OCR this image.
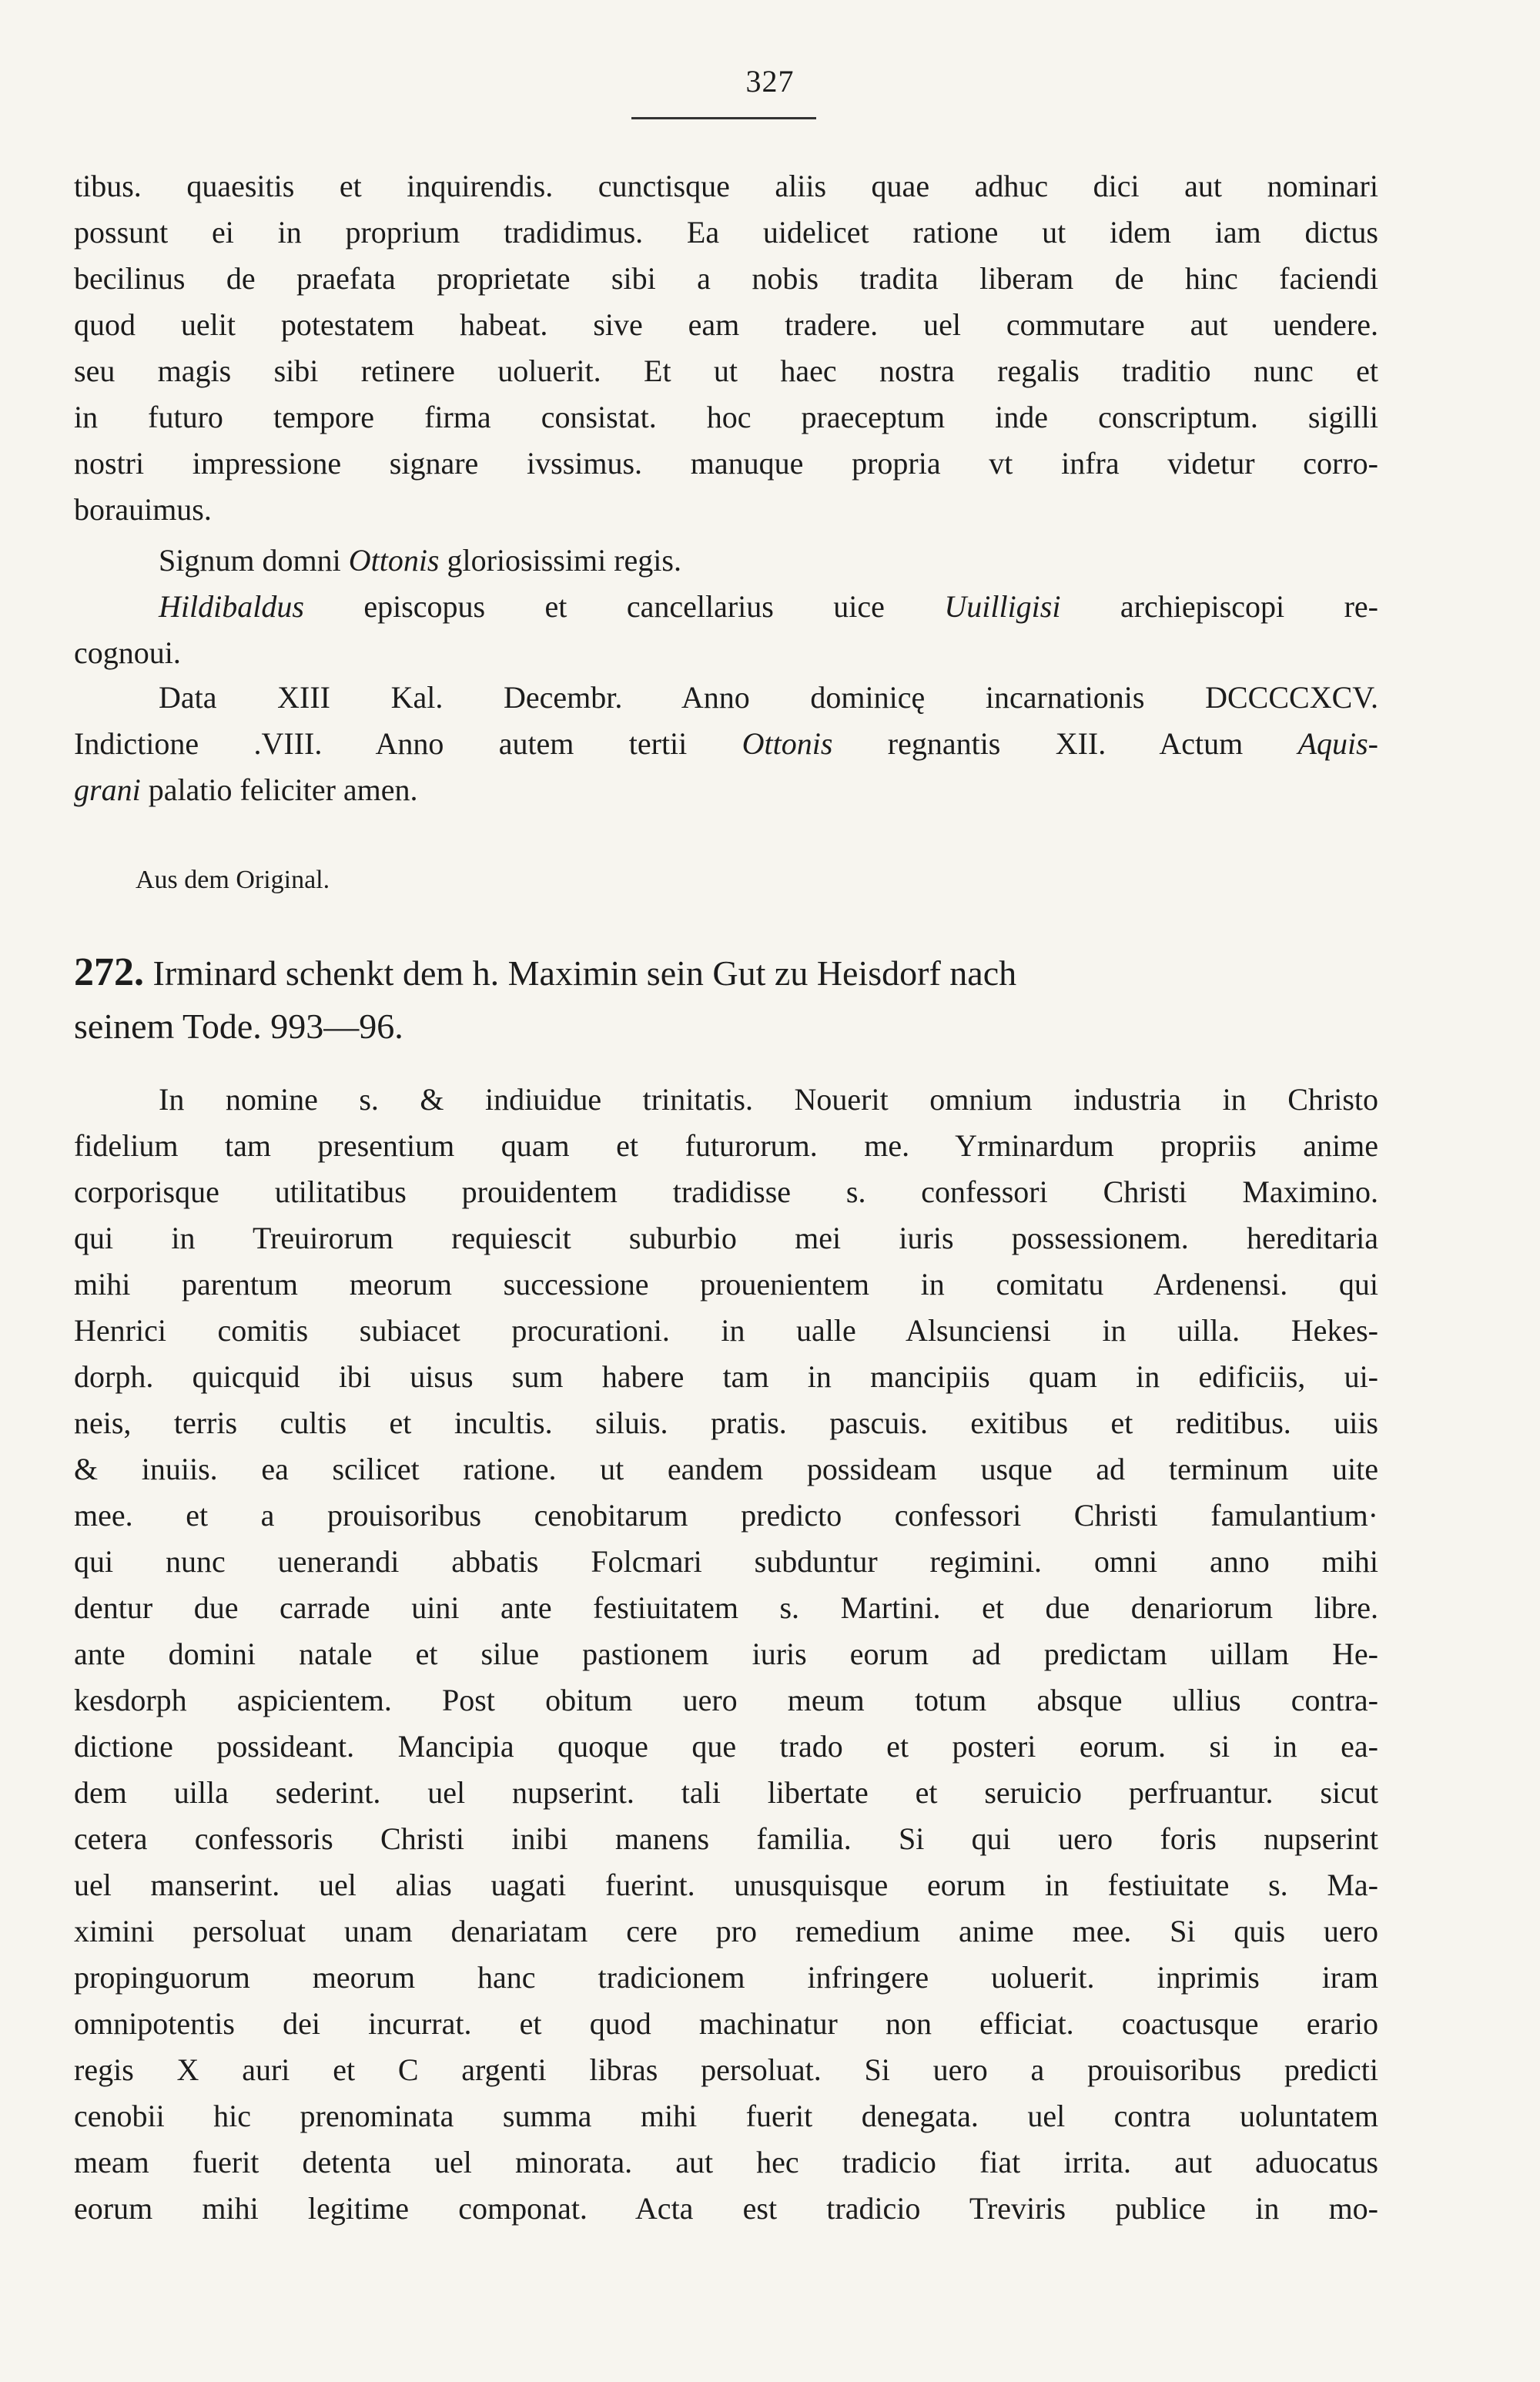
327
tibus. quaesitis et inquirendis. cunctisque aliis quae adhuc dici aut nominari
possunt ei in proprium tradidimus. Ea uidelicet ratione ut idem iam dictus
becilinus de praefata proprietate sibi a nobis tradita liberam de hinc faciendi
quod uelit potestatem habeat. sive eam tradere. uel commutare aut uendere.
seu magis sibi retinere uoluerit. Et ut haec nostra regalis traditio nunc et
in futuro tempore firma consistat. hoc praeceptum inde conscriptum. sigilli
nostri impressione signare ivssimus. manuque propria vt infra videtur corro-
borauimus.
Signum domni Ottonis gloriosissimi regis.
Hildibaldus episcopus et cancellarius uice Uuilligisi archiepiscopi re-
cognoui.
Data XIII Kal. Decembr. Anno dominicę incarnationis DCCCCXCV.
Indictione .VIII. Anno autem tertii Ottonis regnantis XII. Actum Aquis-
grani palatio feliciter amen.
Aus dem Original.
272. Irminard schenkt dem h. Maximin sein Gut zu Heisdorf nach
seinem Tode. 993—96.
In nomine s. & indiuidue trinitatis. Nouerit omnium industria in Christo
fidelium tam presentium quam et futurorum. me. Yrminardum propriis anime
corporisque utilitatibus prouidentem tradidisse s. confessori Christi Maximino.
qui in Treuirorum requiescit suburbio mei iuris possessionem. hereditaria
mihi parentum meorum successione prouenientem in comitatu Ardenensi. qui
Henrici comitis subiacet procurationi. in ualle Alsunciensi in uilla. Hekes-
dorph. quicquid ibi uisus sum habere tam in mancipiis quam in edificiis, ui-
neis, terris cultis et incultis. siluis. pratis. pascuis. exitibus et reditibus. uiis
& inuiis. ea scilicet ratione. ut eandem possideam usque ad terminum uite
mee. et a prouisoribus cenobitarum predicto confessori Christi famulantium·
qui nunc uenerandi abbatis Folcmari subduntur regimini. omni anno mihi
dentur due carrade uini ante festiuitatem s. Martini. et due denariorum libre.
ante domini natale et silue pastionem iuris eorum ad predictam uillam He-
kesdorph aspicientem. Post obitum uero meum totum absque ullius contra-
dictione possideant. Mancipia quoque que trado et posteri eorum. si in ea-
dem uilla sederint. uel nupserint. tali libertate et seruicio perfruantur. sicut
cetera confessoris Christi inibi manens familia. Si qui uero foris nupserint
uel manserint. uel alias uagati fuerint. unusquisque eorum in festiuitate s. Ma-
ximini persoluat unam denariatam cere pro remedium anime mee. Si quis uero
propinguorum meorum hanc tradicionem infringere uoluerit. inprimis iram
omnipotentis dei incurrat. et quod machinatur non efficiat. coactusque erario
regis X auri et C argenti libras persoluat. Si uero a prouisoribus predicti
cenobii hic prenominata summa mihi fuerit denegata. uel contra uoluntatem
meam fuerit detenta uel minorata. aut hec tradicio fiat irrita. aut aduocatus
eorum mihi legitime componat. Acta est tradicio Treviris publice in mo-
